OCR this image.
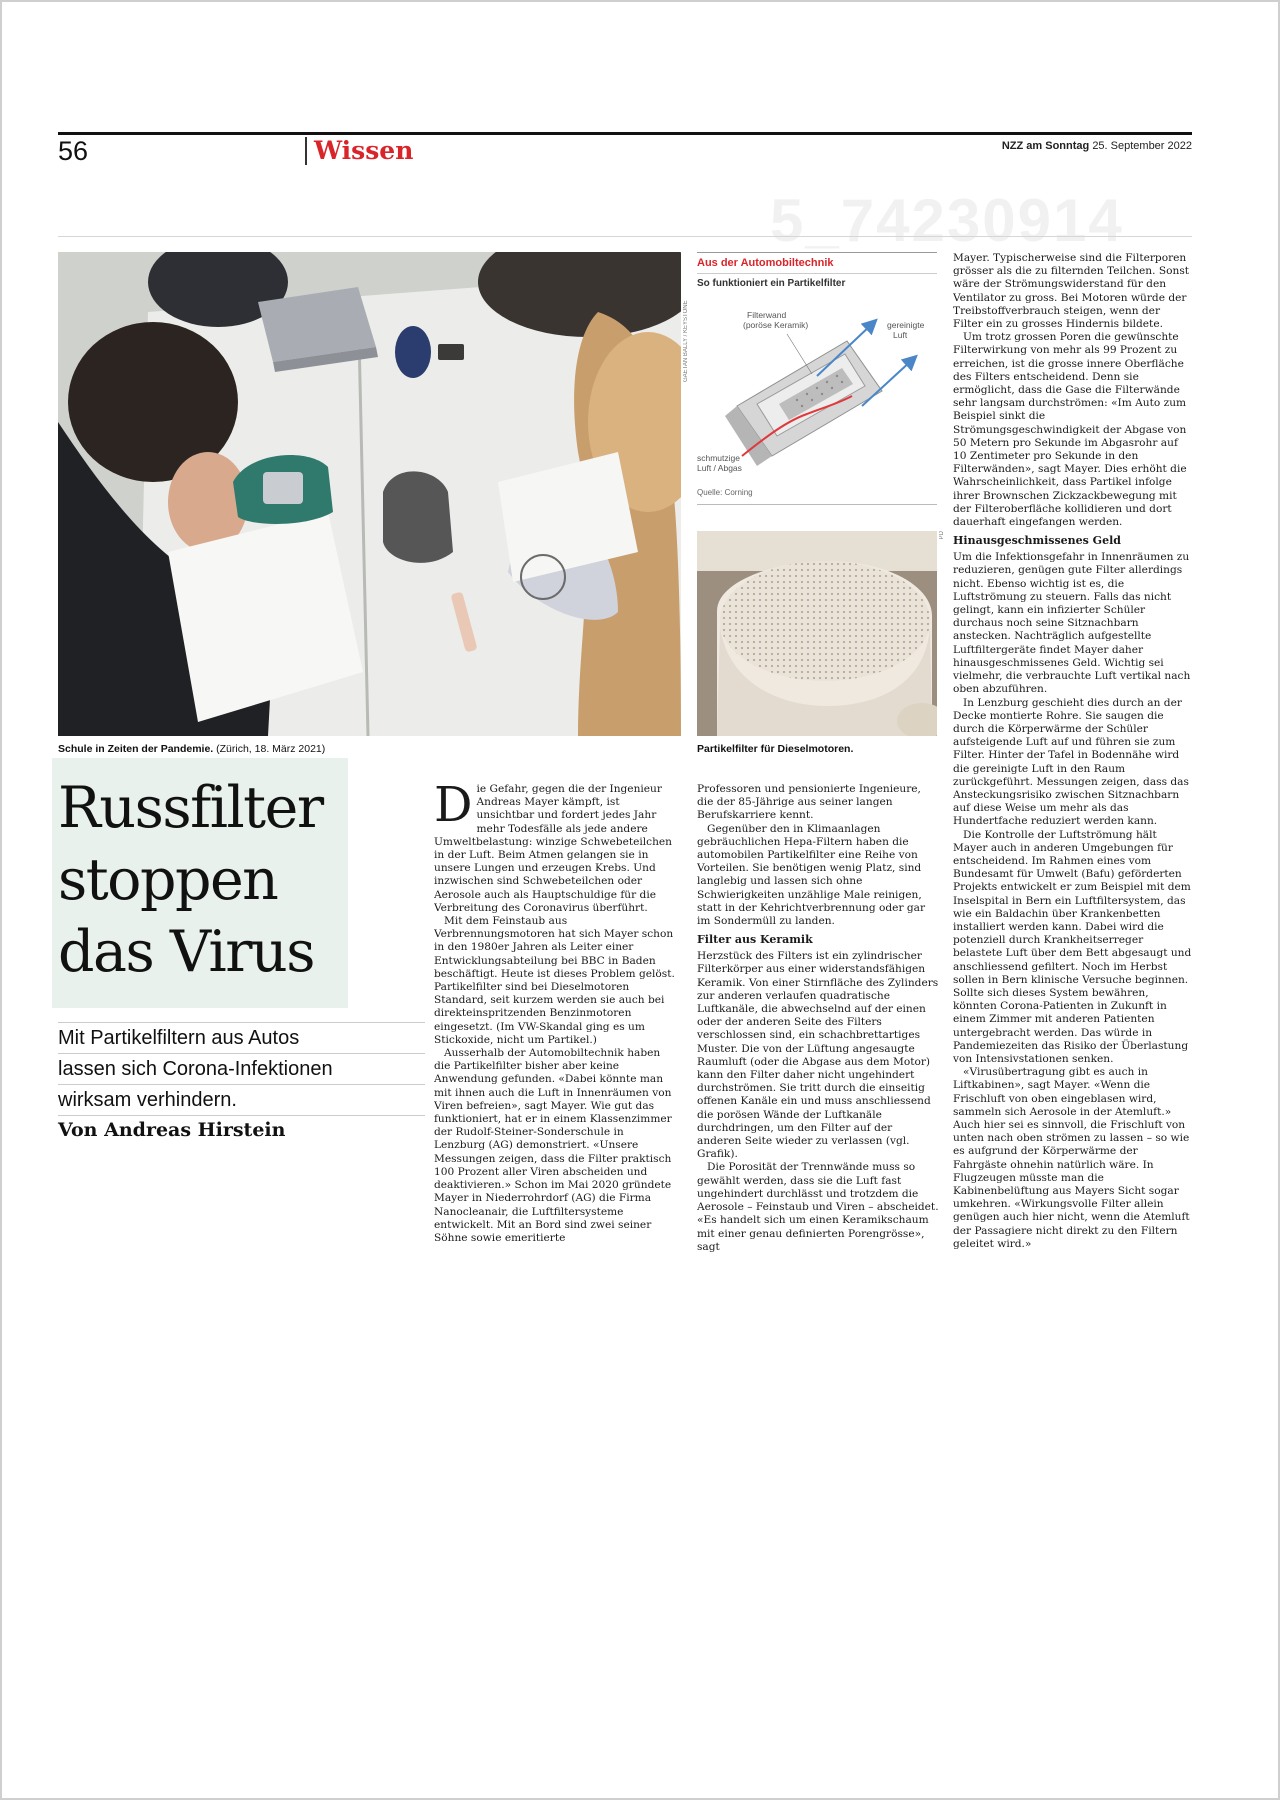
56	Wissen	NZZ am Sonntag 25. September 2022
5_74230914
GAETAN BALLY / KEYSTONE
Schule in Zeiten der Pandemie. (Zürich, 18. März 2021)
Aus der Automobiltechnik
So funktioniert ein Partikelfilter
Filterwand
(poröse Keramik)	gereinigte
Luft
schmutzige
Luft / Abgas
Quelle: Corning
PD
Partikelfilter für Dieselmotoren.
Russfilter
stoppen
das Virus
Mit Partikelfiltern aus Autos
lassen sich Corona-Infektionen
wirksam verhindern.
Von Andreas Hirstein

Die Gefahr, gegen die der Ingenieur Andreas Mayer kämpft, ist unsichtbar und fordert jedes Jahr mehr Todesfälle als jede andere Umweltbelastung: winzige Schwebeteilchen in der Luft. Beim Atmen gelangen sie in unsere Lungen und erzeugen Krebs. Und inzwischen sind Schwebeteilchen oder Aerosole auch als Hauptschuldige für die Verbreitung des Coronavirus überführt.

Mit dem Feinstaub aus Verbrennungsmotoren hat sich Mayer schon in den 1980er Jahren als Leiter einer Entwicklungsabteilung bei BBC in Baden beschäftigt. Heute ist dieses Problem gelöst. Partikelfilter sind bei Dieselmotoren Standard, seit kurzem werden sie auch bei direkteinspritzenden Benzinmotoren eingesetzt. (Im VW-Skandal ging es um Stickoxide, nicht um Partikel.)

Ausserhalb der Automobiltechnik haben die Partikelfilter bisher aber keine Anwendung gefunden. «Dabei könnte man mit ihnen auch die Luft in Innenräumen von Viren befreien», sagt Mayer. Wie gut das funktioniert, hat er in einem Klassenzimmer der Rudolf-Steiner-Sonderschule in Lenzburg (AG) demonstriert. «Unsere Messungen zeigen, dass die Filter praktisch 100 Prozent aller Viren abscheiden und deaktivieren.» Schon im Mai 2020 gründete Mayer in Niederrohrdorf (AG) die Firma Nanocleanair, die Luftfiltersysteme entwickelt. Mit an Bord sind zwei seiner Söhne sowie emeritierte

Professoren und pensionierte Ingenieure, die der 85-Jährige aus seiner langen Berufskarriere kennt.

Gegenüber den in Klimaanlagen gebräuchlichen Hepa-Filtern haben die automobilen Partikelfilter eine Reihe von Vorteilen. Sie benötigen wenig Platz, sind langlebig und lassen sich ohne Schwierigkeiten unzählige Male reinigen, statt in der Kehrichtverbrennung oder gar im Sondermüll zu landen.

Filter aus Keramik

Herzstück des Filters ist ein zylindrischer Filterkörper aus einer widerstandsfähigen Keramik. Von einer Stirnfläche des Zylinders zur anderen verlaufen quadratische Luftkanäle, die abwechselnd auf der einen oder der anderen Seite des Filters verschlossen sind, ein schachbrettartiges Muster. Die von der Lüftung angesaugte Raumluft (oder die Abgase aus dem Motor) kann den Filter daher nicht ungehindert durchströmen. Sie tritt durch die einseitig offenen Kanäle ein und muss anschliessend die porösen Wände der Luftkanäle durchdringen, um den Filter auf der anderen Seite wieder zu verlassen (vgl. Grafik).

Die Porosität der Trennwände muss so gewählt werden, dass sie die Luft fast ungehindert durchlässt und trotzdem die Aerosole – Feinstaub und Viren – abscheidet. «Es handelt sich um einen Keramikschaum mit einer genau definierten Porengrösse», sagt

Mayer. Typischerweise sind die Filterporen grösser als die zu filternden Teilchen. Sonst wäre der Strömungswiderstand für den Ventilator zu gross. Bei Motoren würde der Treibstoffverbrauch steigen, wenn der Filter ein zu grosses Hindernis bildete.

Um trotz grossen Poren die gewünschte Filterwirkung von mehr als 99 Prozent zu erreichen, ist die grosse innere Oberfläche des Filters entscheidend. Denn sie ermöglicht, dass die Gase die Filterwände sehr langsam durchströmen: «Im Auto zum Beispiel sinkt die Strömungsgeschwindigkeit der Abgase von 50 Metern pro Sekunde im Abgasrohr auf 10 Zentimeter pro Sekunde in den Filterwänden», sagt Mayer. Dies erhöht die Wahrscheinlichkeit, dass Partikel infolge ihrer Brownschen Zickzackbewegung mit der Filteroberfläche kollidieren und dort dauerhaft eingefangen werden.

Hinausgeschmissenes Geld

Um die Infektionsgefahr in Innenräumen zu reduzieren, genügen gute Filter allerdings nicht. Ebenso wichtig ist es, die Luftströmung zu steuern. Falls das nicht gelingt, kann ein infizierter Schüler durchaus noch seine Sitznachbarn anstecken. Nachträglich aufgestellte Luftfiltergeräte findet Mayer daher hinausgeschmissenes Geld. Wichtig sei vielmehr, die verbrauchte Luft vertikal nach oben abzuführen.

In Lenzburg geschieht dies durch an der Decke montierte Rohre. Sie saugen die durch die Körperwärme der Schüler aufsteigende Luft auf und führen sie zum Filter. Hinter der Tafel in Bodennähe wird die gereinigte Luft in den Raum zurückgeführt. Messungen zeigen, dass das Ansteckungsrisiko zwischen Sitznachbarn auf diese Weise um mehr als das Hundertfache reduziert werden kann.

Die Kontrolle der Luftströmung hält Mayer auch in anderen Umgebungen für entscheidend. Im Rahmen eines vom Bundesamt für Umwelt (Bafu) geförderten Projekts entwickelt er zum Beispiel mit dem Inselspital in Bern ein Luftfiltersystem, das wie ein Baldachin über Krankenbetten installiert werden kann. Dabei wird die potenziell durch Krankheitserreger belastete Luft über dem Bett abgesaugt und anschliessend gefiltert. Noch im Herbst sollen in Bern klinische Versuche beginnen. Sollte sich dieses System bewähren, könnten Corona-Patienten in Zukunft in einem Zimmer mit anderen Patienten untergebracht werden. Das würde in Pandemiezeiten das Risiko der Überlastung von Intensivstationen senken.

«Virusübertragung gibt es auch in Liftkabinen», sagt Mayer. «Wenn die Frischluft von oben eingeblasen wird, sammeln sich Aerosole in der Atemluft.» Auch hier sei es sinnvoll, die Frischluft von unten nach oben strömen zu lassen – so wie es aufgrund der Körperwärme der Fahrgäste ohnehin natürlich wäre. In Flugzeugen müsste man die Kabinenbelüftung aus Mayers Sicht sogar umkehren. «Wirkungsvolle Filter allein genügen auch hier nicht, wenn die Atemluft der Passagiere nicht direkt zu den Filtern geleitet wird.»
